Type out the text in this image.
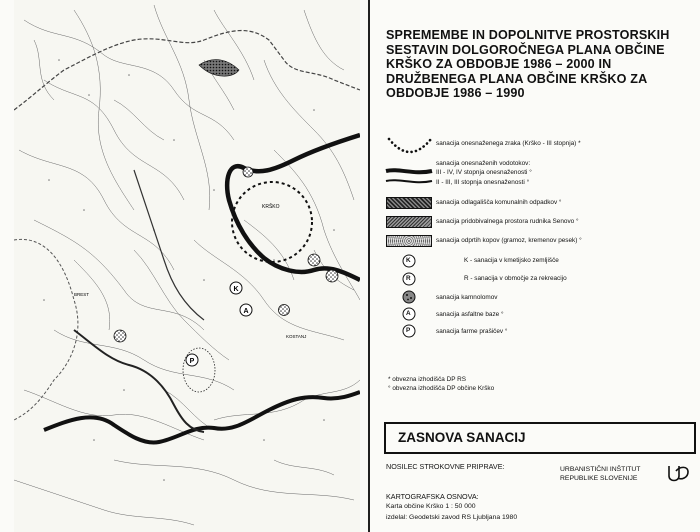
K
A
P
KRŠKO
BREST
KOSTANJ
SPREMEMBE IN DOPOLNITVE PROSTORSKIH SESTAVIN DOLGOROČNEGA PLANA OBČINE KRŠKO ZA OBDOBJE 1986 – 2000 IN DRUŽBENEGA PLANA OBČINE KRŠKO ZA OBDOBJE 1986 – 1990
sanacija onesnaženega zraka (Krško - III stopnja) *
sanacija onesnaženih vodotokov:
III - IV, IV stopnja onesnaženosti °
II - III, III stopnja onesnaženosti °
sanacija odlagališča komunalnih odpadkov °
sanacija pridobivalnega prostora rudnika Senovo °
sanacija odprtih kopov (gramoz, kremenov pesek) °
K	K - sanacija v kmetijsko zemljišče
R	R - sanacija v območje za rekreacijo
sanacija kamnolomov
A	sanacija asfaltne baze °
P	sanacija farme prašičev °
* obvezna izhodišča DP RS
° obvezna izhodišča DP občine Krško
ZASNOVA SANACIJ
NOSILEC STROKOVNE PRIPRAVE:	URBANISTIČNI INŠTITUT
REPUBLIKE SLOVENIJE
KARTOGRAFSKA OSNOVA:
Karta občine Krško 1 : 50 000
izdelal: Geodetski zavod RS Ljubljana 1980
